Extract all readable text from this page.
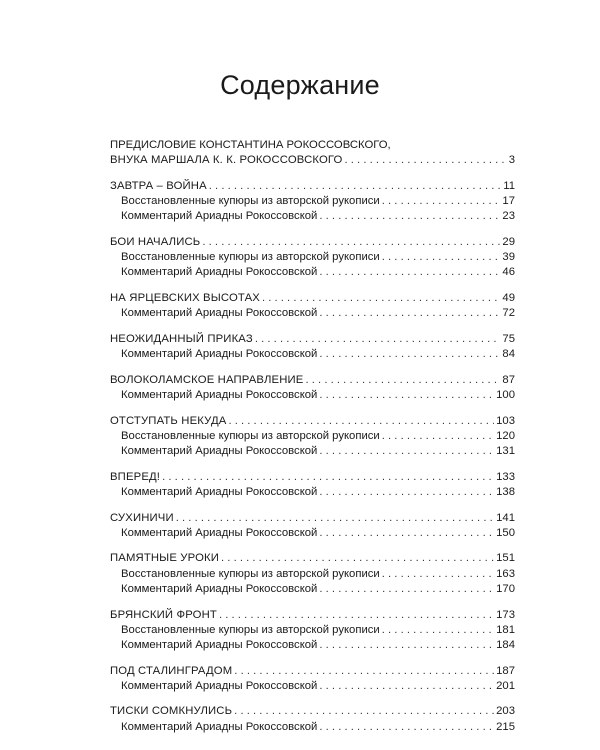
Содержание
ПРЕДИСЛОВИЕ КОНСТАНТИНА РОКОССОВСКОГО,
ВНУКА МАРШАЛА К. К. РОКОССОВСКОГО . . .	3
ЗАВТРА – ВОЙНА . . .	11
Восстановленные купюры из авторской рукописи . . .	17
Комментарий Ариадны Рокоссовской . . .	23
БОИ НАЧАЛИСЬ . . .	29
Восстановленные купюры из авторской рукописи . . .	39
Комментарий Ариадны Рокоссовской . . .	46
НА ЯРЦЕВСКИХ ВЫСОТАХ . . .	49
Комментарий Ариадны Рокоссовской . . .	72
НЕОЖИДАННЫЙ ПРИКАЗ . . .	75
Комментарий Ариадны Рокоссовской . . .	84
ВОЛОКОЛАМСКОЕ НАПРАВЛЕНИЕ . . .	87
Комментарий Ариадны Рокоссовской . . .	100
ОТСТУПАТЬ НЕКУДА . . .	103
Восстановленные купюры из авторской рукописи . . .	120
Комментарий Ариадны Рокоссовской . . .	131
ВПЕРЕД! . . .	133
Комментарий Ариадны Рокоссовской . . .	138
СУХИНИЧИ . . .	141
Комментарий Ариадны Рокоссовской . . .	150
ПАМЯТНЫЕ УРОКИ . . .	151
Восстановленные купюры из авторской рукописи . . .	163
Комментарий Ариадны Рокоссовской . . .	170
БРЯНСКИЙ ФРОНТ . . .	173
Восстановленные купюры из авторской рукописи . . .	181
Комментарий Ариадны Рокоссовской . . .	184
ПОД СТАЛИНГРАДОМ . . .	187
Комментарий Ариадны Рокоссовской . . .	201
ТИСКИ СОМКНУЛИСЬ . . .	203
Комментарий Ариадны Рокоссовской . . .	215
